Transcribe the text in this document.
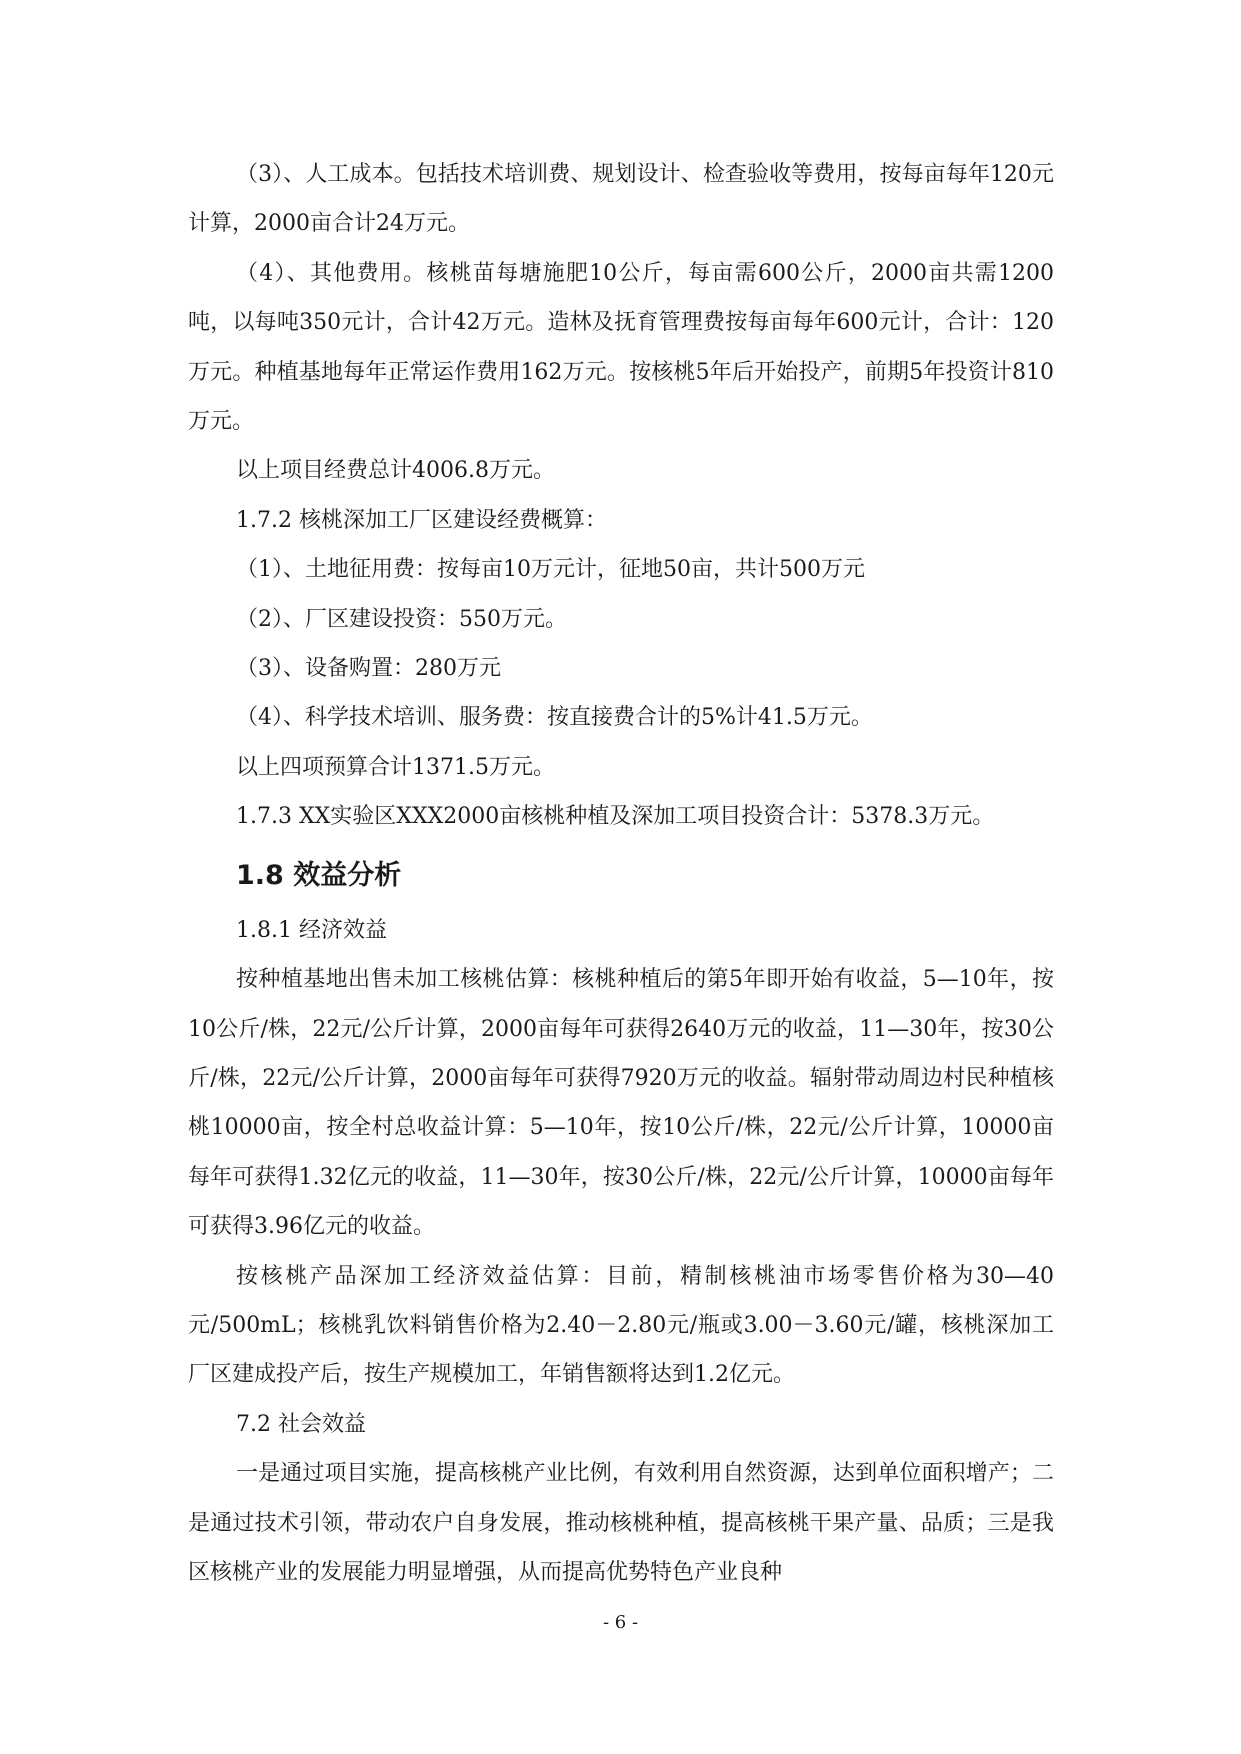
（3）、人工成本。包括技术培训费、规划设计、检查验收等费用，按每亩每年120元计算，2000亩合计24万元。

（4）、其他费用。核桃苗每塘施肥10公斤，每亩需600公斤，2000亩共需1200吨，以每吨350元计，合计42万元。造林及抚育管理费按每亩每年600元计，合计：120万元。种植基地每年正常运作费用162万元。按核桃5年后开始投产，前期5年投资计810万元。

以上项目经费总计4006.8万元。

1.7.2 核桃深加工厂区建设经费概算：

（1）、土地征用费：按每亩10万元计，征地50亩，共计500万元

（2）、厂区建设投资：550万元。

（3）、设备购置：280万元

（4）、科学技术培训、服务费：按直接费合计的5%计41.5万元。

以上四项预算合计1371.5万元。

1.7.3 XX实验区XXX2000亩核桃种植及深加工项目投资合计：5378.3万元。

1.8 效益分析

1.8.1 经济效益

按种植基地出售未加工核桃估算：核桃种植后的第5年即开始有收益，5—10年，按10公斤/株，22元/公斤计算，2000亩每年可获得2640万元的收益，11—30年，按30公斤/株，22元/公斤计算，2000亩每年可获得7920万元的收益。辐射带动周边村民种植核桃10000亩，按全村总收益计算：5—10年，按10公斤/株，22元/公斤计算，10000亩每年可获得1.32亿元的收益，11—30年，按30公斤/株，22元/公斤计算，10000亩每年可获得3.96亿元的收益。

按核桃产品深加工经济效益估算：目前，精制核桃油市场零售价格为30—40元/500mL；核桃乳饮料销售价格为2.40－2.80元/瓶或3.00－3.60元/罐，核桃深加工厂区建成投产后，按生产规模加工，年销售额将达到1.2亿元。

7.2 社会效益

一是通过项目实施，提高核桃产业比例，有效利用自然资源，达到单位面积增产；二是通过技术引领，带动农户自身发展，推动核桃种植，提高核桃干果产量、品质；三是我区核桃产业的发展能力明显增强，从而提高优势特色产业良种

- 6 -
